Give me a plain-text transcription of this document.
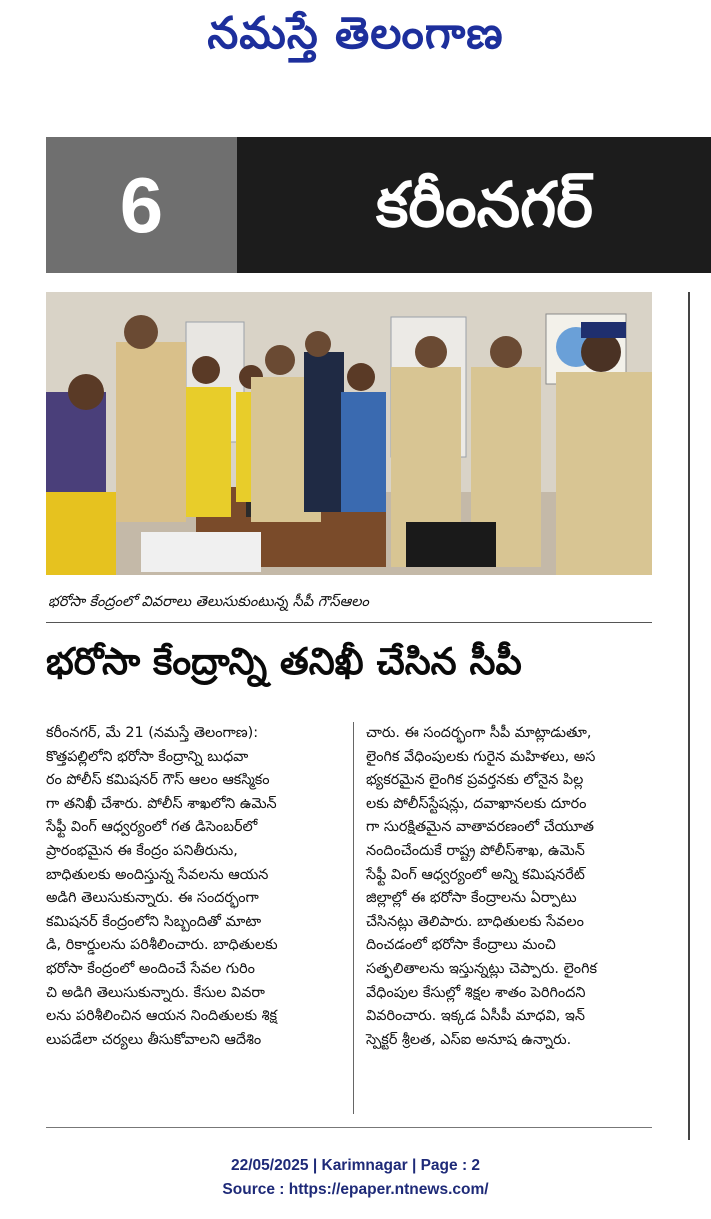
నమస్తే తెలంగాణ
6	కరీంనగర్
భరోసా కేంద్రంలో వివరాలు తెలుసుకుంటున్న సీపీ గౌస్‌ఆలం
భరోసా కేంద్రాన్ని తనిఖీ చేసిన సీపీ

కరీంనగర్, మే 21 (నమస్తే తెలంగాణ):

కొత్తపల్లిలోని భరోసా కేంద్రాన్ని బుధవా

రం పోలీస్ కమిషనర్ గౌస్ ఆలం ఆకస్మికం

గా తనిఖీ చేశారు. పోలీస్ శాఖలోని ఉమెన్

సేఫ్టీ వింగ్ ఆధ్వర్యంలో గత డిసెంబర్‌లో

ప్రారంభమైన ఈ కేంద్రం పనితీరును,

బాధితులకు అందిస్తున్న సేవలను ఆయన

అడిగి తెలుసుకున్నారు. ఈ సందర్భంగా

కమిషనర్ కేంద్రంలోని సిబ్బందితో మాటా

డి, రికార్డులను పరిశీలించారు. బాధితులకు

భరోసా కేంద్రంలో అందించే సేవల గురిం

చి అడిగి తెలుసుకున్నారు. కేసుల వివరా

లను పరిశీలించిన ఆయన నిందితులకు శిక్ష

లుపడేలా చర్యలు తీసుకోవాలని ఆదేశిం

చారు. ఈ సందర్భంగా సీపీ మాట్లాడుతూ,

లైంగిక వేధింపులకు గురైన మహిళలు, అస

భ్యకరమైన లైంగిక ప్రవర్తనకు లోనైన పిల్ల

లకు పోలీస్‌స్టేషన్లు, దవాఖానలకు దూరం

గా సురక్షితమైన వాతావరణంలో చేయూత

నందించేందుకే రాష్ట్ర పోలీస్‌శాఖ, ఉమెన్

సేఫ్టీ వింగ్ ఆధ్వర్యంలో అన్ని కమిషనరేట్

జిల్లాల్లో ఈ భరోసా కేంద్రాలను ఏర్పాటు

చేసినట్లు తెలిపారు. బాధితులకు సేవలం

దించడంలో భరోసా కేంద్రాలు మంచి

సత్ఫలితాలను ఇస్తున్నట్లు చెప్పారు. లైంగిక

వేధింపుల కేసుల్లో శిక్షల శాతం పెరిగిందని

వివరించారు. ఇక్కడ ఏసీపీ మాధవి, ఇన్

స్పెక్టర్ శ్రీలత, ఎస్ఐ అనూష ఉన్నారు.

22/05/2025 | Karimnagar | Page : 2
Source : https://epaper.ntnews.com/
